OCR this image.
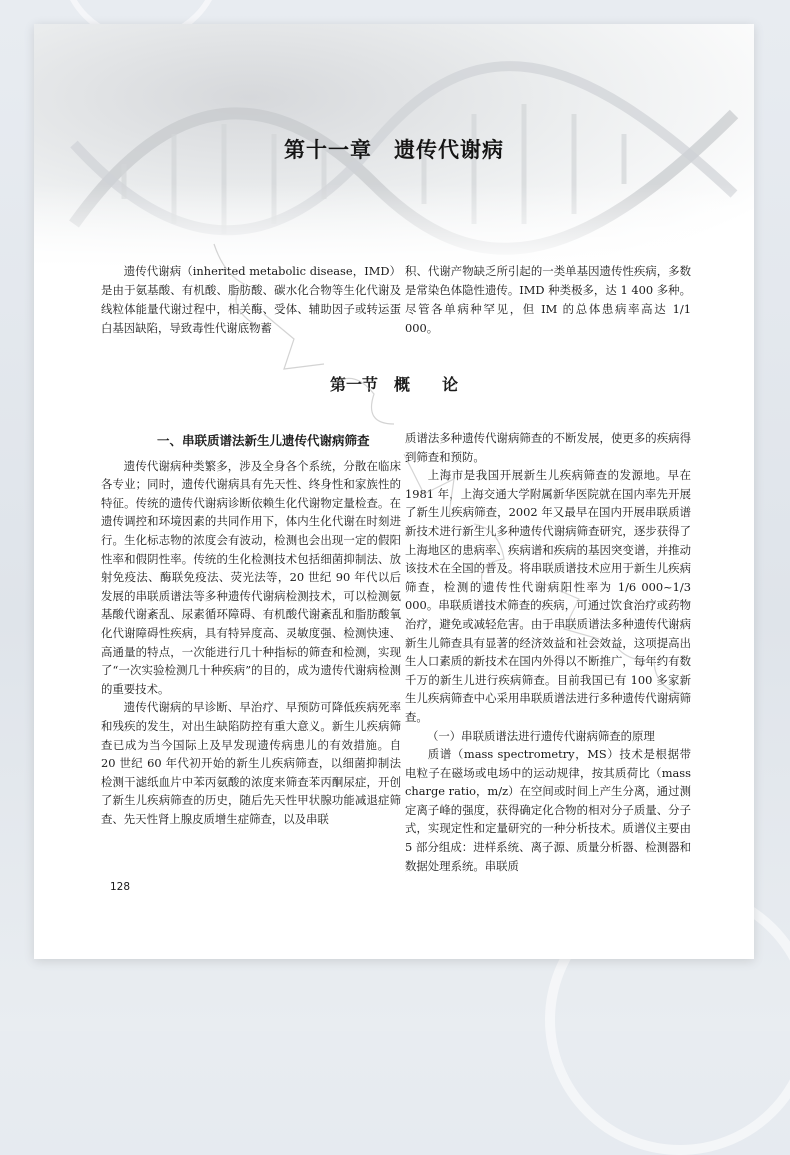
第十一章　遗传代谢病
遗传代谢病（inherited metabolic disease，IMD）是由于氨基酸、有机酸、脂肪酸、碳水化合物等生化代谢及线粒体能量代谢过程中，相关酶、受体、辅助因子或转运蛋白基因缺陷，导致毒性代谢底物蓄
积、代谢产物缺乏所引起的一类单基因遗传性疾病，多数是常染色体隐性遗传。IMD 种类极多，达 1 400 多种。尽管各单病种罕见，但 IM 的总体患病率高达 1/1 000。
第一节　概　　论
一、串联质谱法新生儿遗传代谢病筛查

遗传代谢病种类繁多，涉及全身各个系统，分散在临床各专业；同时，遗传代谢病具有先天性、终身性和家族性的特征。传统的遗传代谢病诊断依赖生化代谢物定量检查。在遗传调控和环境因素的共同作用下，体内生化代谢在时刻进行。生化标志物的浓度会有波动，检测也会出现一定的假阳性率和假阴性率。传统的生化检测技术包括细菌抑制法、放射免疫法、酶联免疫法、荧光法等，20 世纪 90 年代以后发展的串联质谱法等多种遗传代谢病检测技术，可以检测氨基酸代谢紊乱、尿素循环障碍、有机酸代谢紊乱和脂肪酸氧化代谢障碍性疾病，具有特异度高、灵敏度强、检测快速、高通量的特点，一次能进行几十种指标的筛查和检测，实现了“一次实验检测几十种疾病”的目的，成为遗传代谢病检测的重要技术。

遗传代谢病的早诊断、早治疗、早预防可降低疾病死率和残疾的发生，对出生缺陷防控有重大意义。新生儿疾病筛查已成为当今国际上及早发现遗传病患儿的有效措施。自 20 世纪 60 年代初开始的新生儿疾病筛查，以细菌抑制法检测干滤纸血片中苯丙氨酸的浓度来筛查苯丙酮尿症，开创了新生儿疾病筛查的历史，随后先天性甲状腺功能减退症筛查、先天性肾上腺皮质增生症筛查，以及串联

质谱法多种遗传代谢病筛查的不断发展，使更多的疾病得到筛查和预防。

上海市是我国开展新生儿疾病筛查的发源地。早在 1981 年，上海交通大学附属新华医院就在国内率先开展了新生儿疾病筛查，2002 年又最早在国内开展串联质谱新技术进行新生儿多种遗传代谢病筛查研究，逐步获得了上海地区的患病率、疾病谱和疾病的基因突变谱，并推动该技术在全国的普及。将串联质谱技术应用于新生儿疾病筛查，检测的遗传性代谢病阳性率为 1/6 000~1/3 000。串联质谱技术筛查的疾病，可通过饮食治疗或药物治疗，避免或减轻危害。由于串联质谱法多种遗传代谢病新生儿筛查具有显著的经济效益和社会效益，这项提高出生人口素质的新技术在国内外得以不断推广，每年约有数千万的新生儿进行疾病筛查。目前我国已有 100 多家新生儿疾病筛查中心采用串联质谱法进行多种遗传代谢病筛查。

（一）串联质谱法进行遗传代谢病筛查的原理

质谱（mass spectrometry，MS）技术是根据带电粒子在磁场或电场中的运动规律，按其质荷比（mass charge ratio，m/z）在空间或时间上产生分离，通过测定离子峰的强度，获得确定化合物的相对分子质量、分子式，实现定性和定量研究的一种分析技术。质谱仪主要由 5 部分组成：进样系统、离子源、质量分析器、检测器和数据处理系统。串联质

128
